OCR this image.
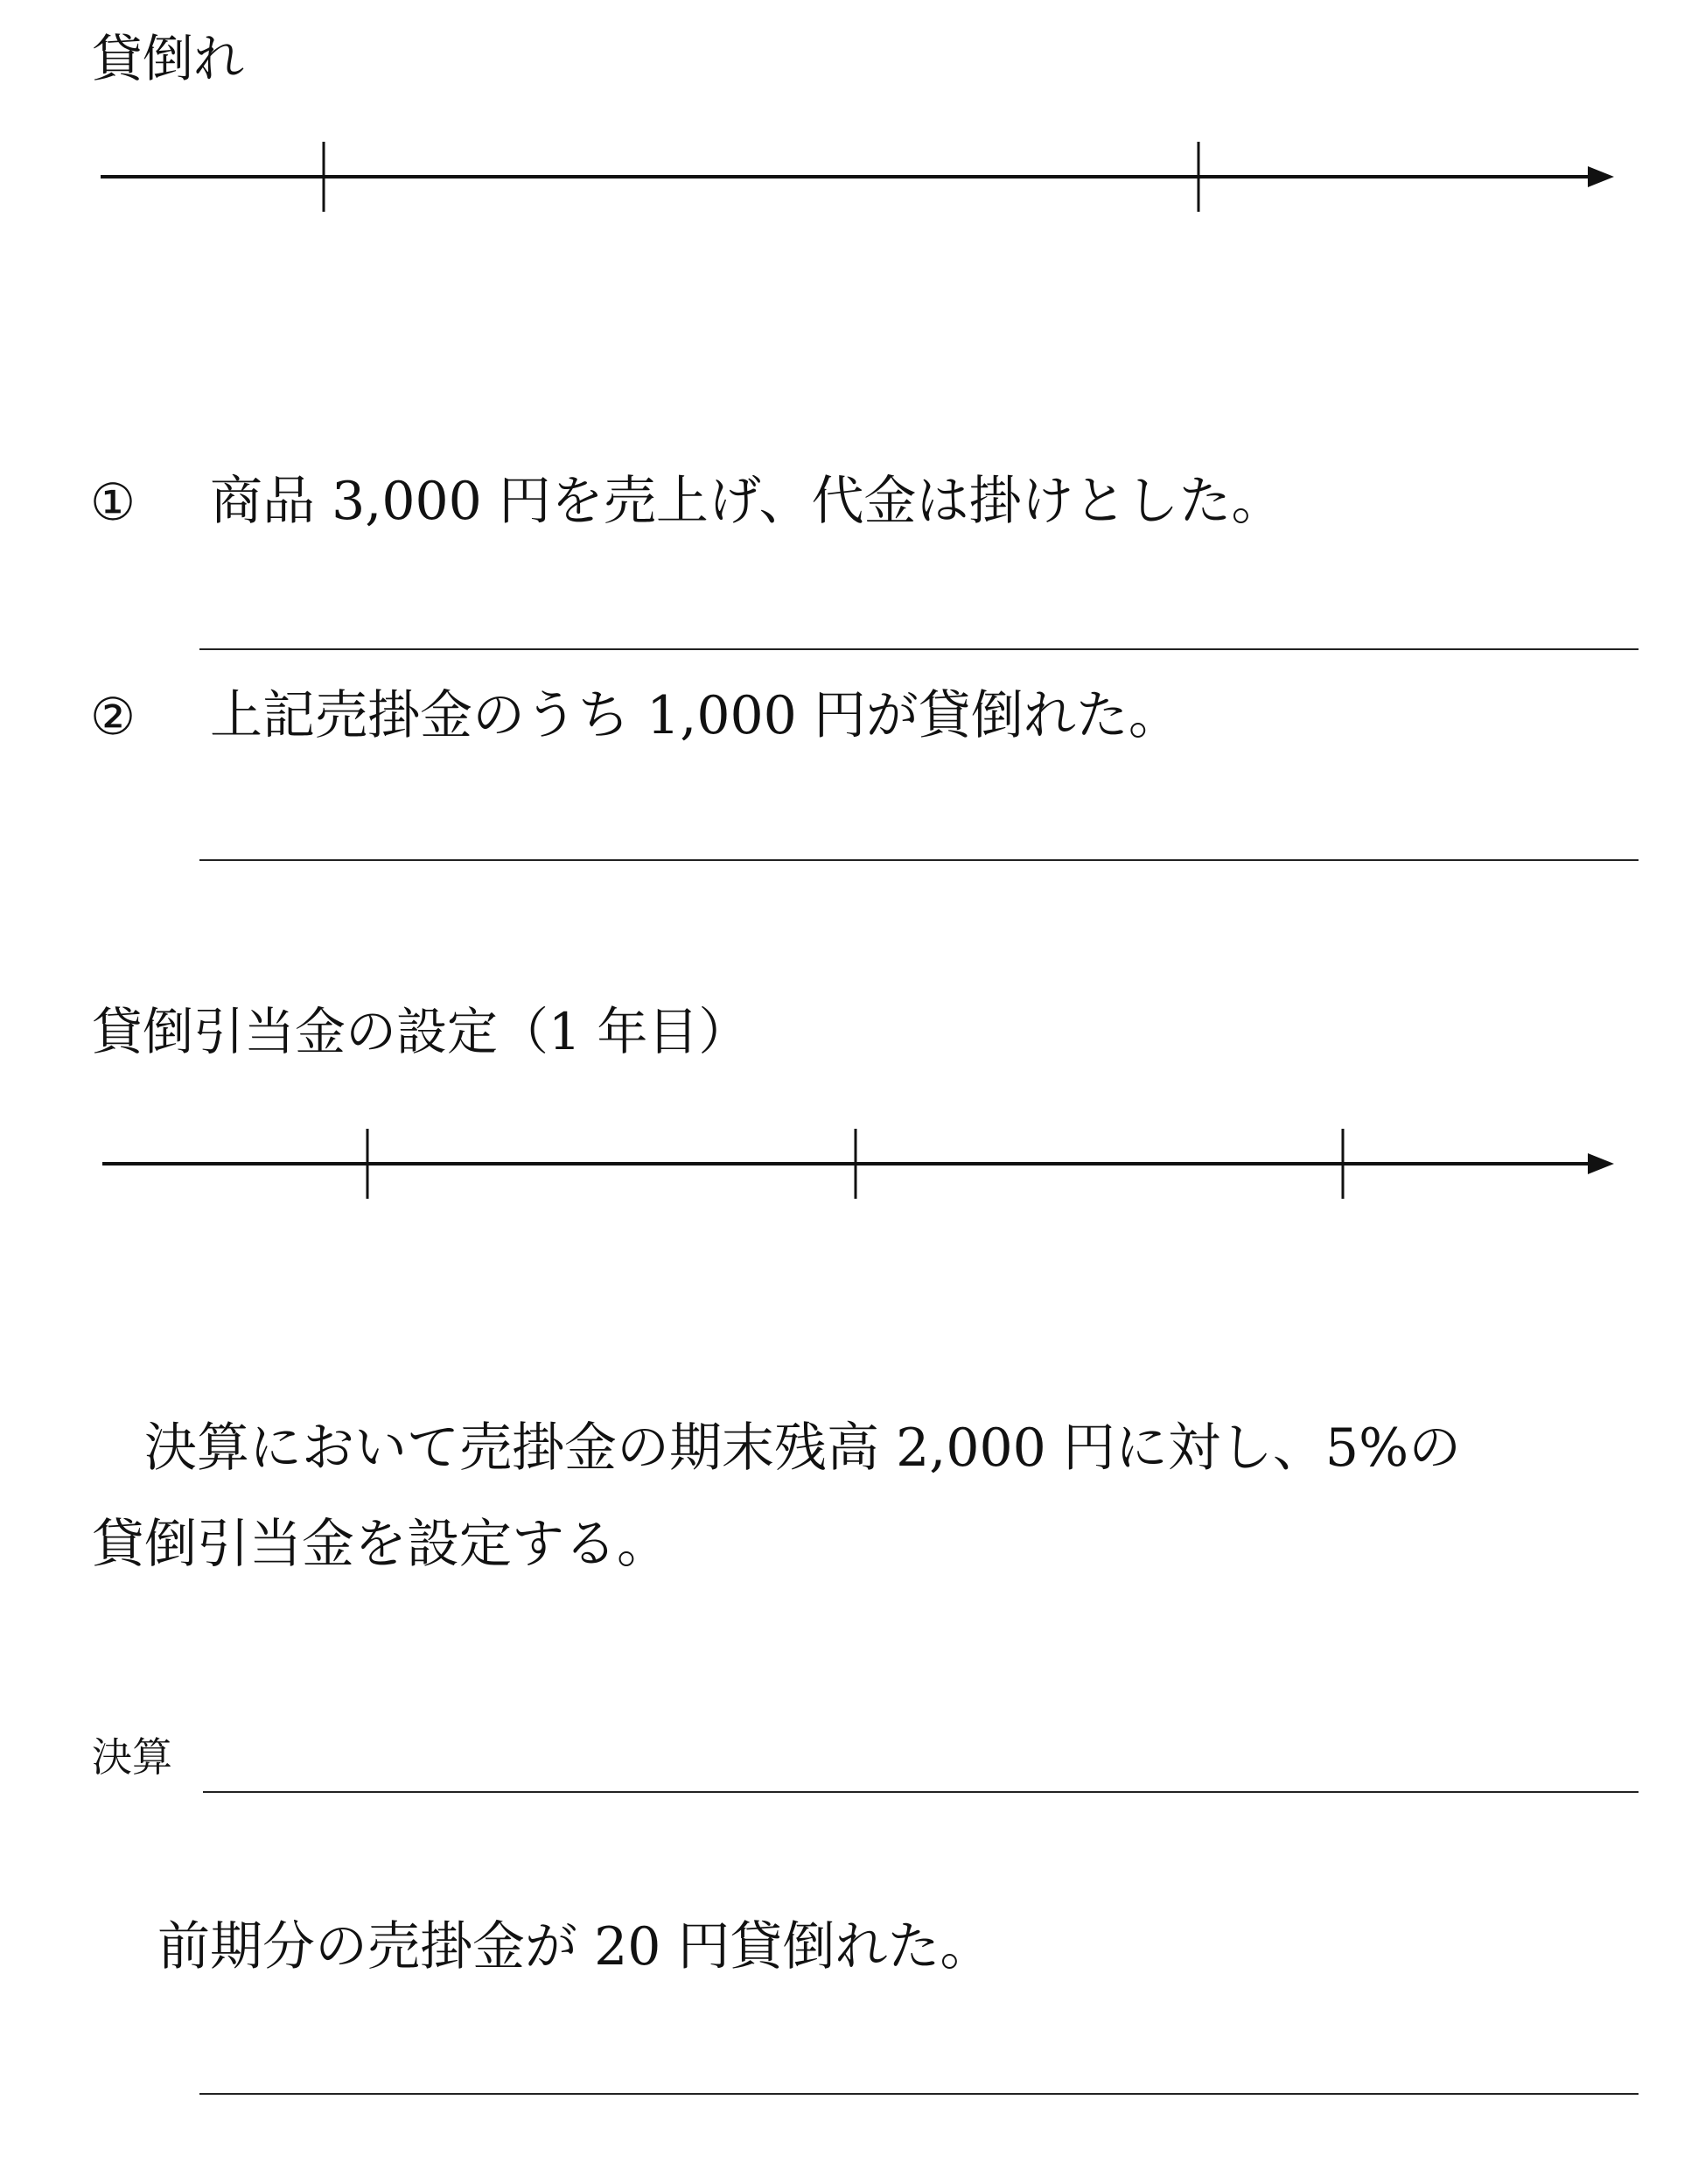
貸倒れ
① 商品 3,000 円を売上げ、代金は掛けとした。
② 上記売掛金のうち 1,000 円が貸倒れた。
貸倒引当金の設定（1 年目）
　決算において売掛金の期末残高 2,000 円に対し、5%の
貸倒引当金を設定する。
決算
前期分の売掛金が 20 円貸倒れた。
